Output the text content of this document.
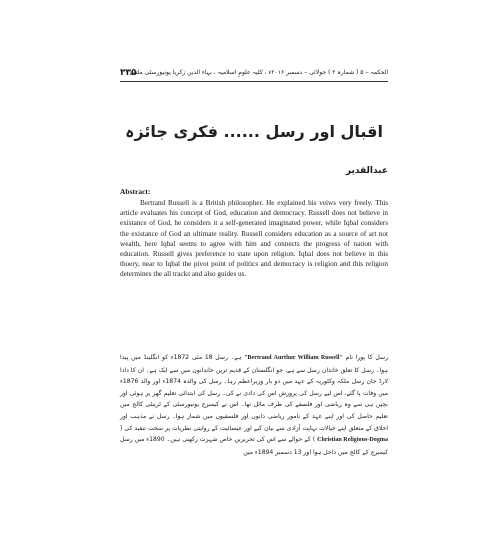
۳۳۵
الحکمہ – ۵ ( شمارہ ۲ ) جولائی – دسمبر ۲۰۱۶ء ، کلیہ علومِ اسلامیہ ، بہاء الدین زکریا یونیورسٹی ملتان
اقبال اور رسل ...... فکری جائزہ
عبدالقدیر
Abstract:

Bertrand Russell is a British philosopher. He explained his veiws very freely. This article evaluates his concept of God, education and democracy. Russell does not believe in existance of God, he considers it a self-generated imaginated power, while Iqbal considers the existance of God an ultimate reality. Russell considers education as a source of art not wealth, here Iqbal seems to agree with him and connects the progress of nation with education. Russell gives preference to state upon religion. Iqbal does not believe in this thoery, near to Iqbal the pivot point of politics and democracy is religion and this religion determines the all tracks and also guides us.

رسل کا پورا نام "Bertrand Aurthur William Russell" ہے۔ رسل 18 مئی 1872ء کو انگلینڈ میں پیدا ہوا۔ رسل کا تعلق خاندان رسل سے ہے، جو انگلستان کے قدیم ترین خاندانوں میں سے ایک ہے۔ ان کا دادا لارڈ جان رسل ملکہ وکٹوریہ کے عہد میں دو بار وزیراعظم رہا۔ رسل کی والدہ 1874ء اور والد 1876ء میں وفات پا گئے، اس لیے رسل کی پرورش اس کی دادی نے کی۔ رسل کی ابتدائی تعلیم گھر پر ہوئی اور بچپن ہی سے وہ ریاضی اور فلسفے کی طرف مائل تھا۔ اس نے کیمبرج یونیورسٹی کے ٹرینٹی کالج میں تعلیم حاصل کی اور اپنے عہد کے نامور ریاضی دانوں اور فلسفیوں میں شمار ہوا۔ رسل نے مذہب اور اخلاق کے متعلق اپنے خیالات نہایت آزادی سے بیان کیے اور عیسائیت کے روایتی نظریات پر سخت تنقید کی ( Christian Religious-Dogma ) کے حوالے سے اس کی تحریریں خاص شہرت رکھتی ہیں۔ 1890ء میں رسل کیمبرج کے کالج میں داخل ہوا اور 13 دسمبر 1894ء میں
